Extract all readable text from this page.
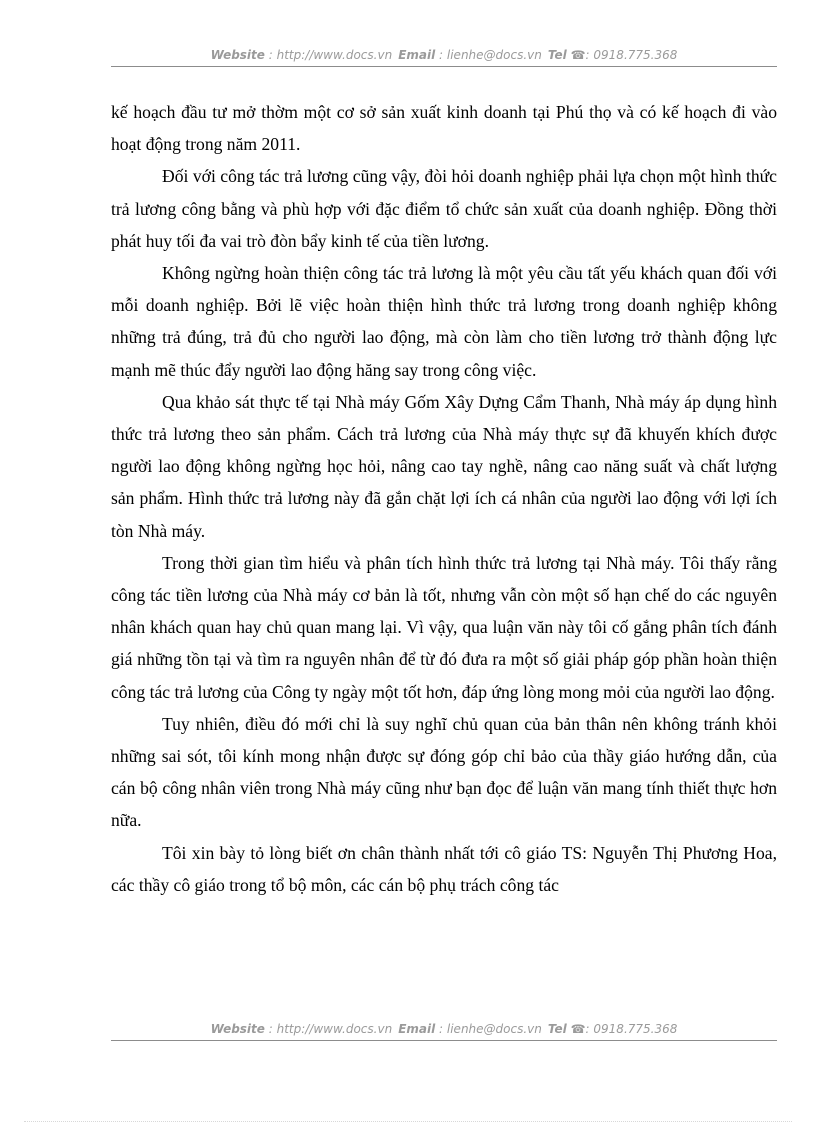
Website : http://www.docs.vn Email : lienhe@docs.vn Tel ☎: 0918.775.368

kế hoạch đầu tư mở thờm một cơ sở sản xuất kinh doanh tại Phú thọ và có kế hoạch đi vào hoạt động trong năm 2011.

Đối với công tác trả lương cũng vậy, đòi hỏi doanh nghiệp phải lựa chọn một hình thức trả lương công bằng và phù hợp với đặc điểm tổ chức sản xuất của doanh nghiệp. Đồng thời phát huy tối đa vai trò đòn bẩy kinh tế của tiền lương.

Không ngừng hoàn thiện công tác trả lương là một yêu cầu tất yếu khách quan đối với mỗi doanh nghiệp. Bởi lẽ việc hoàn thiện hình thức trả lương trong doanh nghiệp không những trả đúng, trả đủ cho người lao động, mà còn làm cho tiền lương trở thành động lực mạnh mẽ thúc đẩy người lao động hăng say trong công việc.

Qua khảo sát thực tế tại Nhà máy Gốm Xây Dựng Cẩm Thanh, Nhà máy áp dụng hình thức trả lương theo sản phẩm. Cách trả lương của Nhà máy thực sự đã khuyến khích được người lao động không ngừng học hỏi, nâng cao tay nghề, nâng cao năng suất và chất lượng sản phẩm. Hình thức trả lương này đã gắn chặt lợi ích cá nhân của người lao động với lợi ích tòn Nhà máy.

Trong thời gian tìm hiểu và phân tích hình thức trả lương tại Nhà máy. Tôi thấy rằng công tác tiền lương của Nhà máy cơ bản là tốt, nhưng vẫn còn một số hạn chế do các nguyên nhân khách quan hay chủ quan mang lại. Vì vậy, qua luận văn này tôi cố gắng phân tích đánh giá những tồn tại và tìm ra nguyên nhân để từ đó đưa ra một số giải pháp góp phần hoàn thiện công tác trả lương của Công ty ngày một tốt hơn, đáp ứng lòng mong mỏi của người lao động.

Tuy nhiên, điều đó mới chỉ là suy nghĩ chủ quan của bản thân nên không tránh khỏi những sai sót, tôi kính mong nhận được sự đóng góp chỉ bảo của thầy giáo hướng dẫn, của cán bộ công nhân viên trong Nhà máy cũng như bạn đọc để luận văn mang tính thiết thực hơn nữa.

Tôi xin bày tỏ lòng biết ơn chân thành nhất tới cô giáo TS: Nguyễn Thị Phương Hoa, các thầy cô giáo trong tổ bộ môn, các cán bộ phụ trách công tác

Website : http://www.docs.vn Email : lienhe@docs.vn Tel ☎: 0918.775.368
